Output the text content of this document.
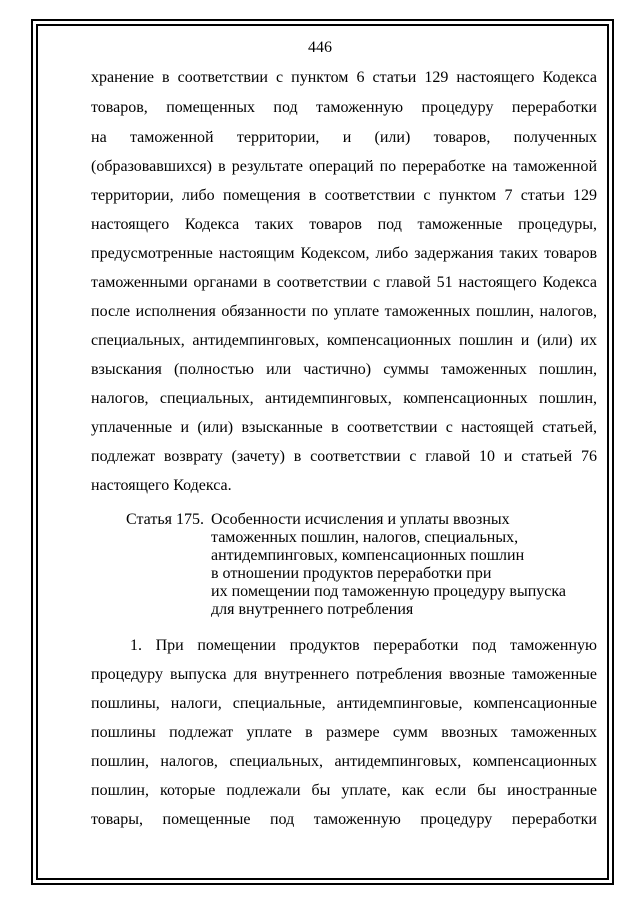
446
хранение в соответствии с пунктом 6 статьи 129 настоящего Кодекса
товаров, помещенных под таможенную процедуру переработки
на таможенной территории, и (или) товаров, полученных
(образовавшихся) в результате операций по переработке на таможенной
территории, либо помещения в соответствии с пунктом 7 статьи 129
настоящего Кодекса таких товаров под таможенные процедуры,
предусмотренные настоящим Кодексом, либо задержания таких товаров
таможенными органами в соответствии с главой 51 настоящего Кодекса
после исполнения обязанности по уплате таможенных пошлин, налогов,
специальных, антидемпинговых, компенсационных пошлин и (или) их
взыскания (полностью или частично) суммы таможенных пошлин,
налогов, специальных, антидемпинговых, компенсационных пошлин,
уплаченные и (или) взысканные в соответствии с настоящей статьей,
подлежат возврату (зачету) в соответствии с главой 10 и статьей 76
настоящего Кодекса.
Статья 175. Особенности исчисления и уплаты ввозных
таможенных пошлин, налогов, специальных,
антидемпинговых, компенсационных пошлин
в отношении продуктов переработки при
их помещении под таможенную процедуру выпуска
для внутреннего потребления
1. При помещении продуктов переработки под таможенную
процедуру выпуска для внутреннего потребления ввозные таможенные
пошлины, налоги, специальные, антидемпинговые, компенсационные
пошлины подлежат уплате в размере сумм ввозных таможенных
пошлин, налогов, специальных, антидемпинговых, компенсационных
пошлин, которые подлежали бы уплате, как если бы иностранные
товары, помещенные под таможенную процедуру переработки
